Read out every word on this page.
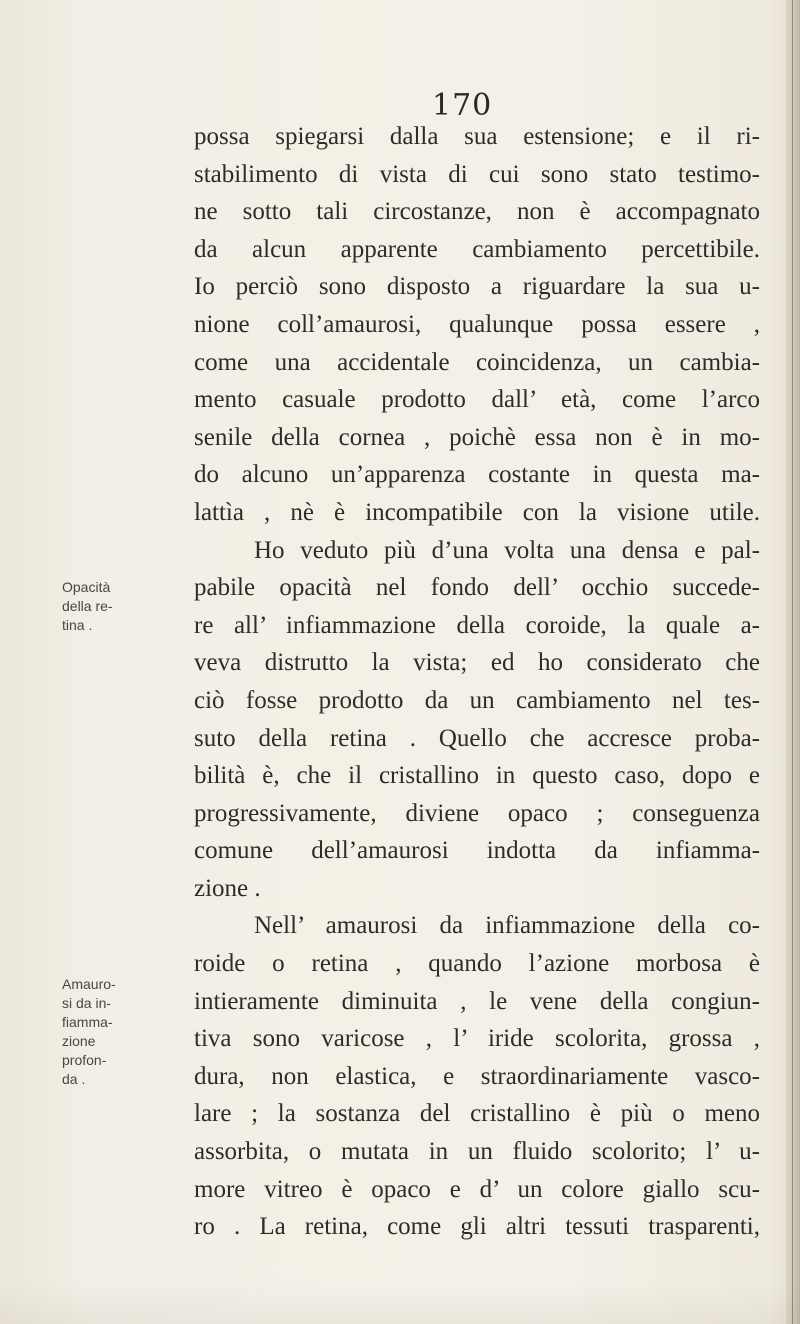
170
Opacità
della re-
tina .
Amauro-
si da in-
fiamma-
zione
profon-
da .
possa spiegarsi dalla sua estensione; e il ri-
stabilimento di vista di cui sono stato testimo-
ne sotto tali circostanze, non è accompagnato
da alcun apparente cambiamento percettibile.
Io perciò sono disposto a riguardare la sua u-
nione coll’amaurosi, qualunque possa essere ,
come una accidentale coincidenza, un cambia-
mento casuale prodotto dall’ età, come l’arco
senile della cornea , poichè essa non è in mo-
do alcuno un’apparenza costante in questa ma-
lattìa , nè è incompatibile con la visione utile.
Ho veduto più d’una volta una densa e pal-
pabile opacità nel fondo dell’ occhio succede-
re all’ infiammazione della coroide, la quale a-
veva distrutto la vista; ed ho considerato che
ciò fosse prodotto da un cambiamento nel tes-
suto della retina . Quello che accresce proba-
bilità è, che il cristallino in questo caso, dopo e
progressivamente, diviene opaco ; conseguenza
comune dell’amaurosi indotta da infiamma-
zione .
Nell’ amaurosi da infiammazione della co-
roide o retina , quando l’azione morbosa è
intieramente diminuita , le vene della congiun-
tiva sono varicose , l’ iride scolorita, grossa ,
dura, non elastica, e straordinariamente vasco-
lare ; la sostanza del cristallino è più o meno
assorbita, o mutata in un fluido scolorito; l’ u-
more vitreo è opaco e d’ un colore giallo scu-
ro . La retina, come gli altri tessuti trasparenti,
